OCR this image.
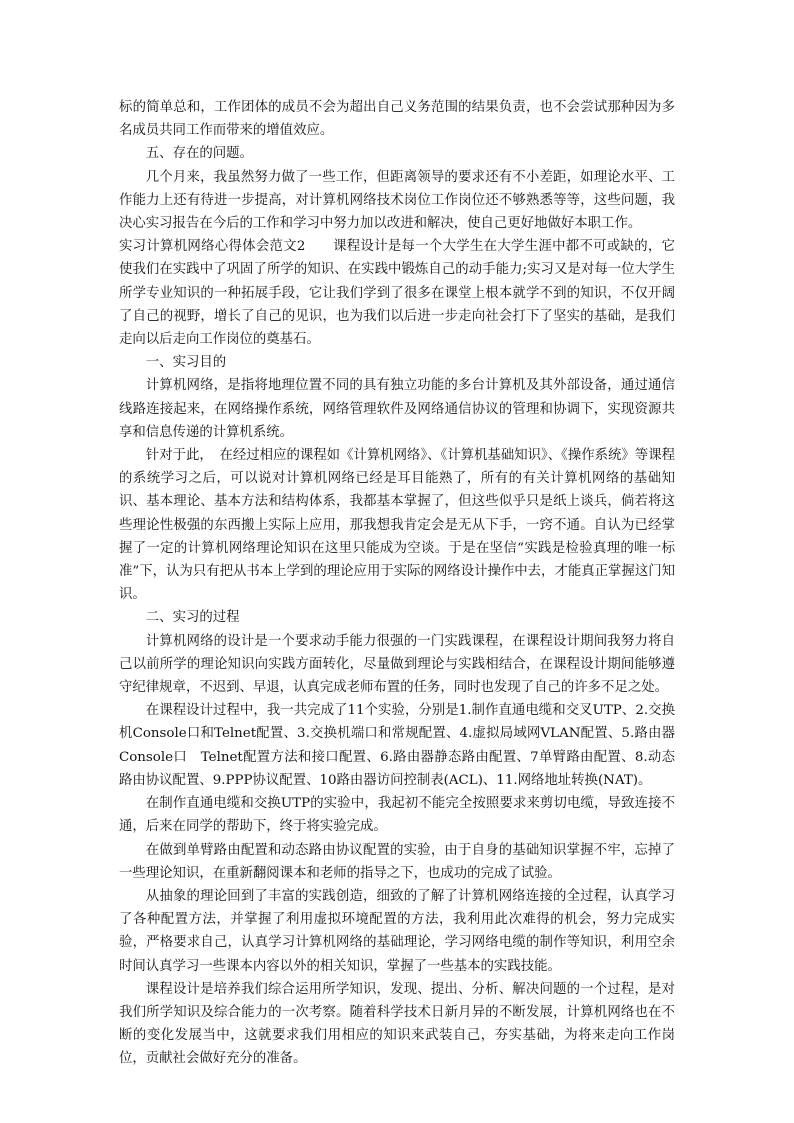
标的简单总和，工作团体的成员不会为超出自己义务范围的结果负责，也不会尝试那种因为多名成员共同工作而带来的增值效应。

五、存在的问题。

几个月来，我虽然努力做了一些工作，但距离领导的要求还有不小差距，如理论水平、工作能力上还有待进一步提高，对计算机网络技术岗位工作岗位还不够熟悉等等，这些问题，我决心实习报告在今后的工作和学习中努力加以改进和解决，使自己更好地做好本职工作。

实习计算机网络心得体会范文2　　课程设计是每一个大学生在大学生涯中都不可或缺的，它使我们在实践中了巩固了所学的知识、在实践中锻炼自己的动手能力;实习又是对每一位大学生所学专业知识的一种拓展手段，它让我们学到了很多在课堂上根本就学不到的知识，不仅开阔了自己的视野，增长了自己的见识，也为我们以后进一步走向社会打下了坚实的基础，是我们走向以后走向工作岗位的奠基石。

一、实习目的

计算机网络，是指将地理位置不同的具有独立功能的多台计算机及其外部设备，通过通信线路连接起来，在网络操作系统，网络管理软件及网络通信协议的管理和协调下，实现资源共享和信息传递的计算机系统。

针对于此，　在经过相应的课程如《计算机网络》、《计算机基础知识》、《操作系统》等课程的系统学习之后，可以说对计算机网络已经是耳目能熟了，所有的有关计算机网络的基础知识、基本理论、基本方法和结构体系，我都基本掌握了，但这些似乎只是纸上谈兵，倘若将这些理论性极强的东西搬上实际上应用，那我想我肯定会是无从下手，一窍不通。自认为已经掌握了一定的计算机网络理论知识在这里只能成为空谈。于是在坚信“实践是检验真理的唯一标准”下，认为只有把从书本上学到的理论应用于实际的网络设计操作中去，才能真正掌握这门知识。

二、实习的过程

计算机网络的设计是一个要求动手能力很强的一门实践课程，在课程设计期间我努力将自己以前所学的理论知识向实践方面转化，尽量做到理论与实践相结合，在课程设计期间能够遵守纪律规章，不迟到、早退，认真完成老师布置的任务，同时也发现了自己的许多不足之处。

在课程设计过程中，我一共完成了11个实验，分别是1.制作直通电缆和交叉UTP、2.交换机Console口和Telnet配置、3.交换机端口和常规配置、4.虚拟局域网VLAN配置、5.路由器Console口　Telnet配置方法和接口配置、6.路由器静态路由配置、7单臂路由配置、8.动态路由协议配置、9.PPP协议配置、10路由器访问控制表(ACL)、11.网络地址转换(NAT)。

在制作直通电缆和交换UTP的实验中，我起初不能完全按照要求来剪切电缆，导致连接不通，后来在同学的帮助下，终于将实验完成。

在做到单臂路由配置和动态路由协议配置的实验，由于自身的基础知识掌握不牢，忘掉了一些理论知识，在重新翻阅课本和老师的指导之下，也成功的完成了试验。

从抽象的理论回到了丰富的实践创造，细致的了解了计算机网络连接的全过程，认真学习了各种配置方法，并掌握了利用虚拟环境配置的方法，我利用此次难得的机会，努力完成实验，严格要求自己，认真学习计算机网络的基础理论，学习网络电缆的制作等知识，利用空余时间认真学习一些课本内容以外的相关知识，掌握了一些基本的实践技能。

课程设计是培养我们综合运用所学知识，发现、提出、分析、解决问题的一个过程，是对我们所学知识及综合能力的一次考察。随着科学技术日新月异的不断发展，计算机网络也在不断的变化发展当中，这就要求我们用相应的知识来武装自己，夯实基础，为将来走向工作岗位，贡献社会做好充分的准备。
